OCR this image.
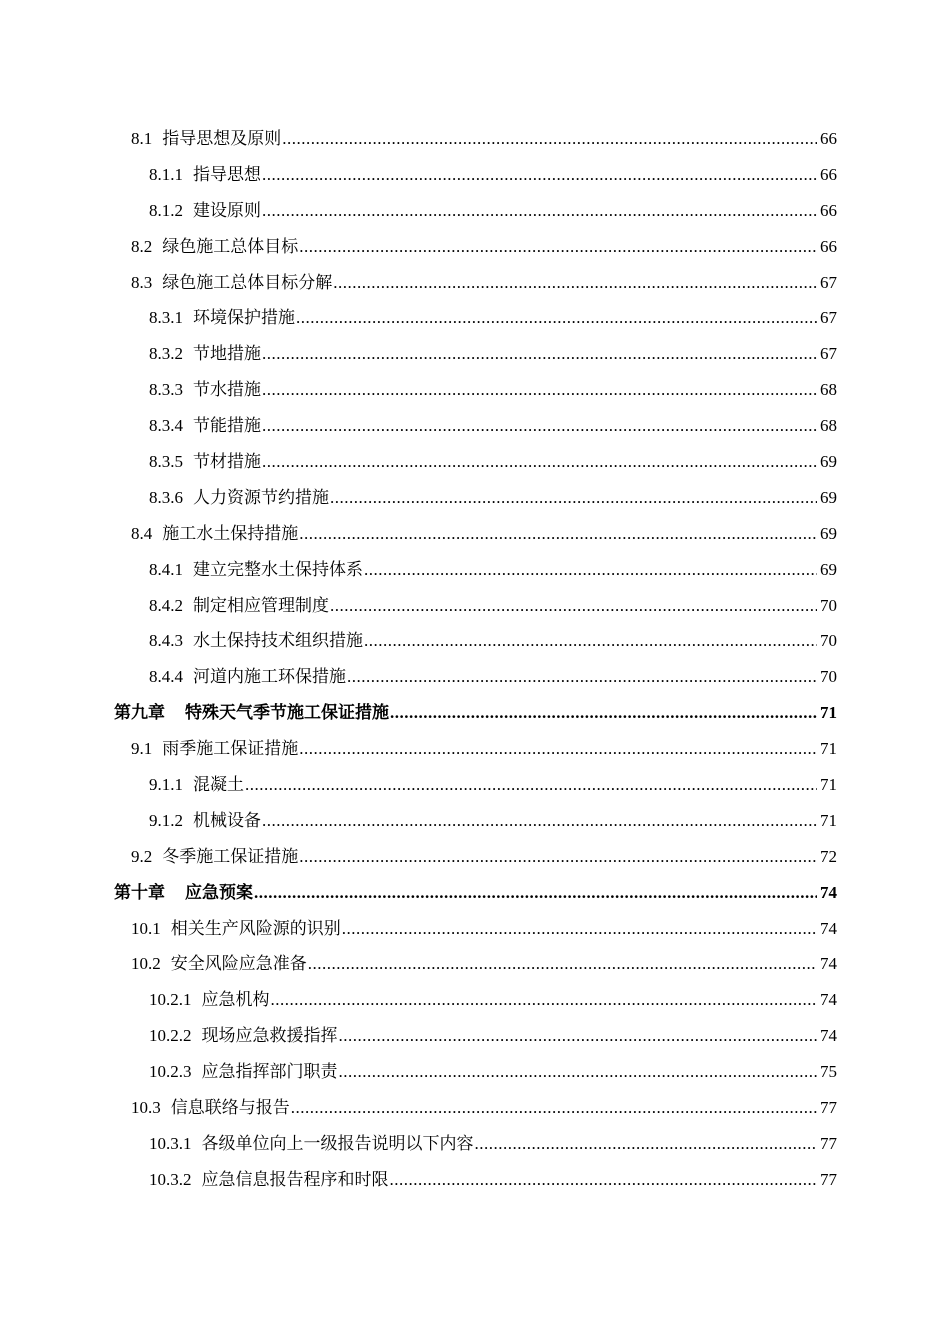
8.1 指导思想及原则 .....	66
8.1.1 指导思想 .....	66
8.1.2 建设原则 .....	66
8.2 绿色施工总体目标 .....	66
8.3 绿色施工总体目标分解 .....	67
8.3.1 环境保护措施 .....	67
8.3.2 节地措施 .....	67
8.3.3 节水措施 .....	68
8.3.4 节能措施 .....	68
8.3.5 节材措施 .....	69
8.3.6 人力资源节约措施 .....	69
8.4 施工水土保持措施 .....	69
8.4.1 建立完整水土保持体系 .....	69
8.4.2 制定相应管理制度 .....	70
8.4.3 水土保持技术组织措施 .....	70
8.4.4 河道内施工环保措施 .....	70
第九章	特殊天气季节施工保证措施 .....	71
9.1 雨季施工保证措施 .....	71
9.1.1 混凝土 .....	71
9.1.2 机械设备 .....	71
9.2 冬季施工保证措施 .....	72
第十章	应急预案 .....	74
10.1 相关生产风险源的识别 .....	74
10.2 安全风险应急准备 .....	74
10.2.1 应急机构 .....	74
10.2.2 现场应急救援指挥 .....	74
10.2.3 应急指挥部门职责 .....	75
10.3 信息联络与报告 .....	77
10.3.1 各级单位向上一级报告说明以下内容 .....	77
10.3.2 应急信息报告程序和时限 .....	77
